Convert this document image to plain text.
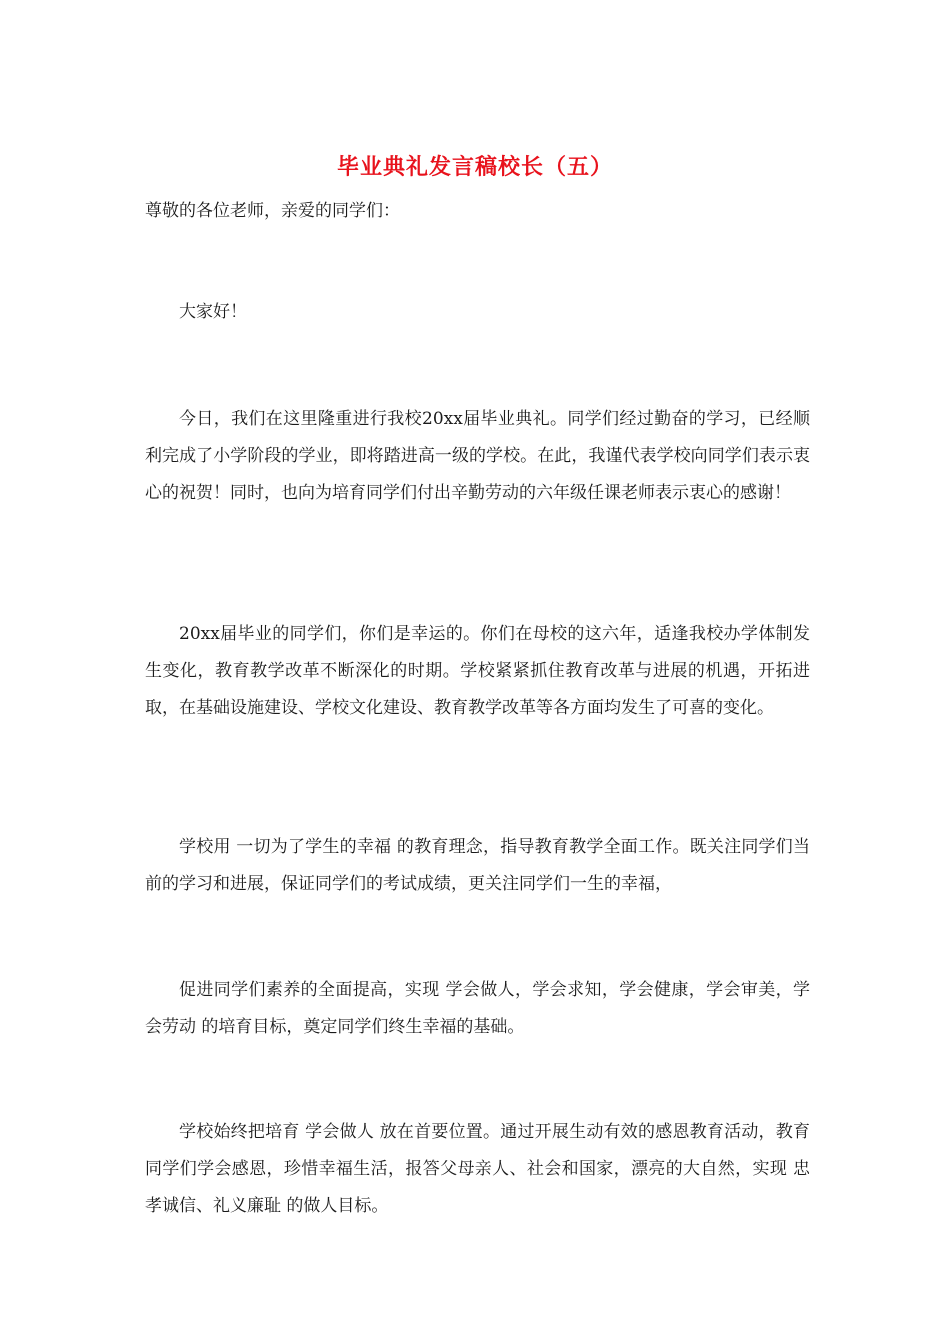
毕业典礼发言稿校长（五）

尊敬的各位老师，亲爱的同学们：

大家好！

今日，我们在这里隆重进行我校20xx届毕业典礼。同学们经过勤奋的学习，已经顺利完成了小学阶段的学业，即将踏进高一级的学校。在此，我谨代表学校向同学们表示衷心的祝贺！同时，也向为培育同学们付出辛勤劳动的六年级任课老师表示衷心的感谢！

20xx届毕业的同学们，你们是幸运的。你们在母校的这六年，适逢我校办学体制发生变化，教育教学改革不断深化的时期。学校紧紧抓住教育改革与进展的机遇，开拓进取，在基础设施建设、学校文化建设、教育教学改革等各方面均发生了可喜的变化。

学校用 一切为了学生的幸福 的教育理念，指导教育教学全面工作。既关注同学们当前的学习和进展，保证同学们的考试成绩，更关注同学们一生的幸福，

促进同学们素养的全面提高，实现 学会做人，学会求知，学会健康，学会审美，学会劳动 的培育目标，奠定同学们终生幸福的基础。

学校始终把培育 学会做人 放在首要位置。通过开展生动有效的感恩教育活动，教育同学们学会感恩，珍惜幸福生活，报答父母亲人、社会和国家，漂亮的大自然，实现 忠孝诚信、礼义廉耻 的做人目标。
